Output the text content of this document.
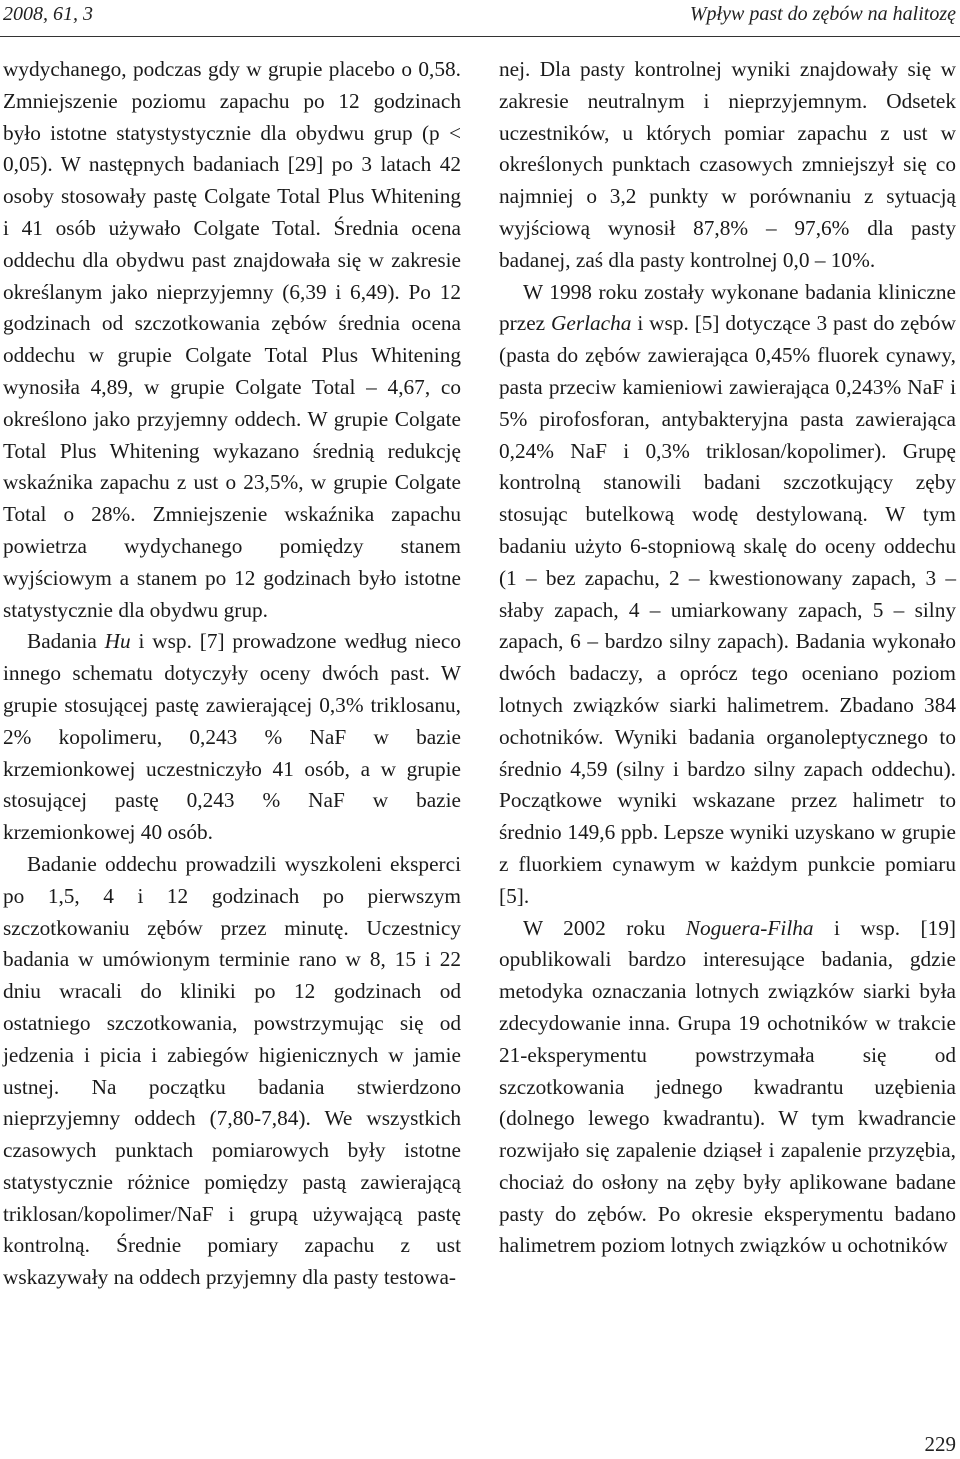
2008, 61, 3	Wpływ past do zębów na halitozę

wydychanego, podczas gdy w grupie placebo o 0,58. Zmniejszenie poziomu zapachu po 12 godzinach było istotne statystystycznie dla obydwu grup (p < 0,05). W następnych badaniach [29] po 3 latach 42 osoby stosowały pastę Colgate Total Plus Whitening i 41 osób używało Colgate Total. Średnia ocena oddechu dla obydwu past znajdowała się w zakresie określanym jako nieprzyjemny (6,39 i 6,49). Po 12 godzinach od szczotkowania zębów średnia ocena oddechu w grupie Colgate Total Plus Whitening wynosiła 4,89, w grupie Colgate Total – 4,67, co określono jako przyjemny oddech. W grupie Colgate Total Plus Whitening wykazano średnią redukcję wskaźnika zapachu z ust o 23,5%, w grupie Colgate Total o 28%. Zmniejszenie wskaźnika zapachu powietrza wydychanego pomiędzy stanem wyjściowym a stanem po 12 godzinach było istotne statystycznie dla obydwu grup.

Badania Hu i wsp. [7] prowadzone według nieco innego schematu dotyczyły oceny dwóch past. W grupie stosującej pastę zawierającej 0,3% triklosanu, 2% kopolimeru, 0,243 % NaF w bazie krzemionkowej uczestniczyło 41 osób, a w grupie stosującej pastę 0,243 % NaF w bazie krzemionkowej 40 osób.

Badanie oddechu prowadzili wyszkoleni eksperci po 1,5, 4 i 12 godzinach po pierwszym szczotkowaniu zębów przez minutę. Uczestnicy badania w umówionym terminie rano w 8, 15 i 22 dniu wracali do kliniki po 12 godzinach od ostatniego szczotkowania, powstrzymując się od jedzenia i picia i zabiegów higienicznych w jamie ustnej. Na początku badania stwierdzono nieprzyjemny oddech (7,80-7,84). We wszystkich czasowych punktach pomiarowych były istotne statystycznie różnice pomiędzy pastą zawierającą triklosan/kopolimer/NaF i grupą używającą pastę kontrolną. Średnie pomiary zapachu z ust wskazywały na oddech przyjemny dla pasty testowa-

nej. Dla pasty kontrolnej wyniki znajdowały się w zakresie neutralnym i nieprzyjemnym. Odsetek uczestników, u których pomiar zapachu z ust w określonych punktach czasowych zmniejszył się co najmniej o 3,2 punkty w porównaniu z sytuacją wyjściową wynosił 87,8% – 97,6% dla pasty badanej, zaś dla pasty kontrolnej 0,0 – 10%.

W 1998 roku zostały wykonane badania kliniczne przez Gerlacha i wsp. [5] dotyczące 3 past do zębów (pasta do zębów zawierająca 0,45% fluorek cynawy, pasta przeciw kamieniowi zawierająca 0,243% NaF i 5% pirofosforan, antybakteryjna pasta zawierająca 0,24% NaF i 0,3% triklosan/kopolimer). Grupę kontrolną stanowili badani szczotkujący zęby stosując butelkową wodę destylowaną. W tym badaniu użyto 6-stopniową skalę do oceny oddechu (1 – bez zapachu, 2 – kwestionowany zapach, 3 – słaby zapach, 4 – umiarkowany zapach, 5 – silny zapach, 6 – bardzo silny zapach). Badania wykonało dwóch badaczy, a oprócz tego oceniano poziom lotnych związków siarki halimetrem. Zbadano 384 ochotników. Wyniki badania organoleptycznego to średnio 4,59 (silny i bardzo silny zapach oddechu). Początkowe wyniki wskazane przez halimetr to średnio 149,6 ppb. Lepsze wyniki uzyskano w grupie z fluorkiem cynawym w każdym punkcie pomiaru [5].

W 2002 roku Noguera-Filha i wsp. [19] opublikowali bardzo interesujące badania, gdzie metodyka oznaczania lotnych związków siarki była zdecydowanie inna. Grupa 19 ochotników w trakcie 21-eksperymentu powstrzymała się od szczotkowania jednego kwadrantu uzębienia (dolnego lewego kwadrantu). W tym kwadrancie rozwijało się zapalenie dziąseł i zapalenie przyzębia, chociaż do osłony na zęby były aplikowane badane pasty do zębów. Po okresie eksperymentu badano halimetrem poziom lotnych związków u ochotników

229
